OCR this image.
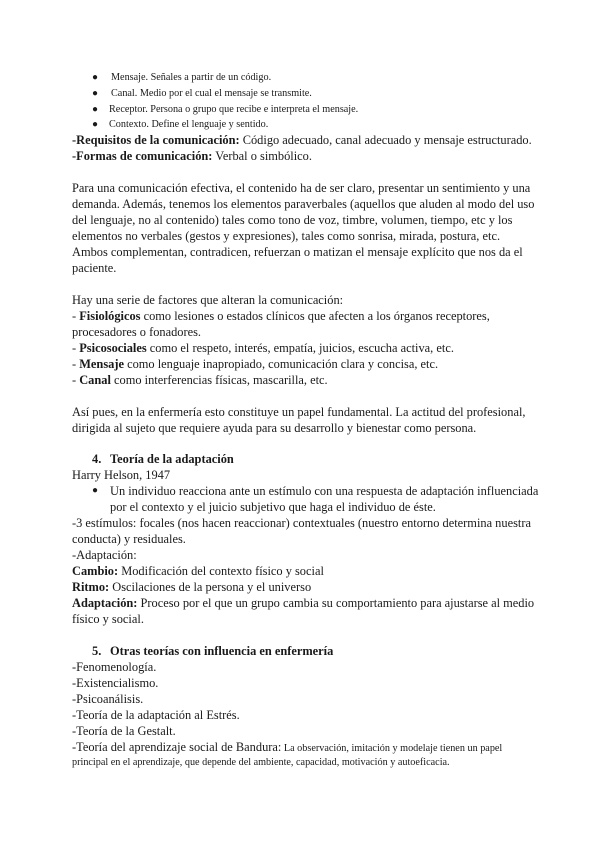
● Mensaje. Señales a partir de un código.
● Canal. Medio por el cual el mensaje se transmite.
● Receptor. Persona o grupo que recibe e interpreta el mensaje.
● Contexto. Define el lenguaje y sentido.
-Requisitos de la comunicación: Código adecuado, canal adecuado y mensaje estructurado.
-Formas de comunicación: Verbal o simbólico.
Para una comunicación efectiva, el contenido ha de ser claro, presentar un sentimiento y una
demanda. Además, tenemos los elementos paraverbales (aquellos que aluden al modo del uso
del lenguaje, no al contenido) tales como tono de voz, timbre, volumen, tiempo, etc y los
elementos no verbales (gestos y expresiones), tales como sonrisa, mirada, postura, etc.
Ambos complementan, contradicen, refuerzan o matizan el mensaje explícito que nos da el
paciente.
Hay una serie de factores que alteran la comunicación:
- Fisiológicos como lesiones o estados clínicos que afecten a los órganos receptores,
procesadores o fonadores.
- Psicosociales como el respeto, interés, empatía, juicios, escucha activa, etc.
- Mensaje como lenguaje inapropiado, comunicación clara y concisa, etc.
- Canal como interferencias físicas, mascarilla, etc.
Así pues, en la enfermería esto constituye un papel fundamental. La actitud del profesional,
dirigida al sujeto que requiere ayuda para su desarrollo y bienestar como persona.
4. Teoría de la adaptación
Harry Helson, 1947
● Un individuo reacciona ante un estímulo con una respuesta de adaptación influenciada
por el contexto y el juicio subjetivo que haga el individuo de éste.
-3 estímulos: focales (nos hacen reaccionar) contextuales (nuestro entorno determina nuestra
conducta) y residuales.
-Adaptación:
Cambio: Modificación del contexto físico y social
Ritmo: Oscilaciones de la persona y el universo
Adaptación: Proceso por el que un grupo cambia su comportamiento para ajustarse al medio
físico y social.
5. Otras teorías con influencia en enfermería
-Fenomenología.
-Existencialismo.
-Psicoanálisis.
-Teoría de la adaptación al Estrés.
-Teoría de la Gestalt.
-Teoría del aprendizaje social de Bandura: La observación, imitación y modelaje tienen un papel
principal en el aprendizaje, que depende del ambiente, capacidad, motivación y autoeficacia.
